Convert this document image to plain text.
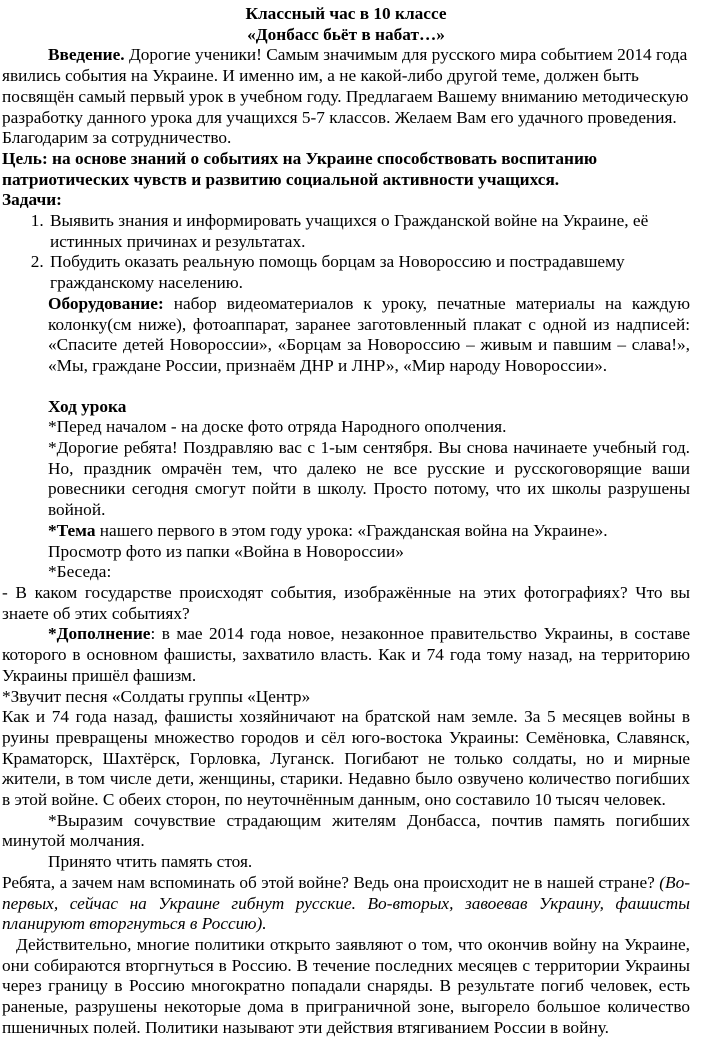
Классный час в 10 классе

«Донбасс бьёт в набат…»

Введение. Дорогие ученики! Самым значимым для русского мира событием 2014 года явились события на Украине. И именно им, а не какой-либо другой теме, должен быть посвящён самый первый урок в учебном году. Предлагаем Вашему вниманию методическую разработку данного урока для учащихся 5-7 классов. Желаем Вам его удачного проведения. Благодарим за сотрудничество.

Цель: на основе знаний о событиях на Украине способствовать воспитанию патриотических чувств и развитию социальной активности учащихся.

Задачи:

1. Выявить знания и информировать учащихся о Гражданской войне на Украине, её истинных причинах и результатах.
2. Побудить оказать реальную помощь борцам за Новороссию и пострадавшему гражданскому населению.

Оборудование: набор видеоматериалов к уроку, печатные материалы на каждую колонку(см ниже), фотоаппарат, заранее заготовленный плакат с одной из надписей: «Спасите детей Новороссии», «Борцам за Новороссию – живым и павшим – слава!», «Мы, граждане России, признаём ДНР и ЛНР», «Мир народу Новороссии».

Ход урока

*Перед началом - на доске фото отряда Народного ополчения.

*Дорогие ребята! Поздравляю вас с 1-ым сентября. Вы снова начинаете учебный год. Но, праздник омрачён тем, что далеко не все русские и русскоговорящие ваши ровесники сегодня смогут пойти в школу. Просто потому, что их школы разрушены войной.

*Тема нашего первого в этом году урока: «Гражданская война на Украине».

Просмотр фото из папки «Война в Новороссии»

*Беседа:

- В каком государстве происходят события, изображённые на этих фотографиях? Что вы знаете об этих событиях?

*Дополнение: в мае 2014 года новое, незаконное правительство Украины, в составе которого в основном фашисты, захватило власть. Как и 74 года тому назад, на территорию Украины пришёл фашизм.

*Звучит песня «Солдаты группы «Центр»

Как и 74 года назад, фашисты хозяйничают на братской нам земле. За 5 месяцев войны в руины превращены множество городов и сёл юго-востока Украины: Семёновка, Славянск, Краматорск, Шахтёрск, Горловка, Луганск. Погибают не только солдаты, но и мирные жители, в том числе дети, женщины, старики. Недавно было озвучено количество погибших в этой войне. С обеих сторон, по неуточнённым данным, оно составило 10 тысяч человек.

*Выразим сочувствие страдающим жителям Донбасса, почтив память погибших минутой молчания.

Принято чтить память стоя.

Ребята, а зачем нам вспоминать об этой войне? Ведь она происходит не в нашей стране? (Во-первых, сейчас на Украине гибнут русские. Во-вторых, завоевав Украину, фашисты планируют вторгнуться в Россию).

Действительно, многие политики открыто заявляют о том, что окончив войну на Украине, они собираются вторгнуться в Россию. В течение последних месяцев с территории Украины через границу в Россию многократно попадали снаряды. В результате погиб человек, есть раненые, разрушены некоторые дома в приграничной зоне, выгорело большое количество пшеничных полей. Политики называют эти действия втягиванием России в войну.
